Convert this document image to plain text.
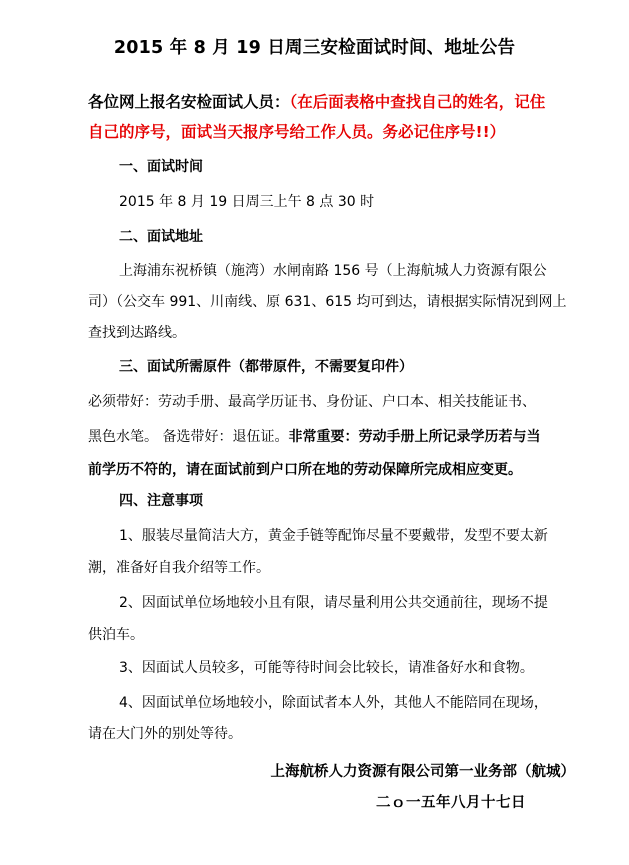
2015 年 8 月 19 日周三安检面试时间、地址公告
各位网上报名安检面试人员：（在后面表格中查找自己的姓名，记住
自己的序号，面试当天报序号给工作人员。务必记住序号!!）
一、面试时间
2015 年 8 月 19 日周三上午 8 点 30 时
二、面试地址
上海浦东祝桥镇（施湾）水闸南路 156 号（上海航城人力资源有限公
司）（公交车 991、川南线、原 631、615 均可到达，请根据实际情况到网上
查找到达路线。
三、面试所需原件（都带原件，不需要复印件）
必须带好：劳动手册、最高学历证书、身份证、户口本、相关技能证书、
黑色水笔。 备选带好：退伍证。非常重要：劳动手册上所记录学历若与当
前学历不符的，请在面试前到户口所在地的劳动保障所完成相应变更。
四、注意事项
1、服装尽量简洁大方，黄金手链等配饰尽量不要戴带，发型不要太新
潮，准备好自我介绍等工作。
2、因面试单位场地较小且有限，请尽量利用公共交通前往，现场不提
供泊车。
3、因面试人员较多，可能等待时间会比较长，请准备好水和食物。
4、因面试单位场地较小，除面试者本人外，其他人不能陪同在现场，
请在大门外的别处等待。
上海航桥人力资源有限公司第一业务部（航城）
二ｏ一五年八月十七日
